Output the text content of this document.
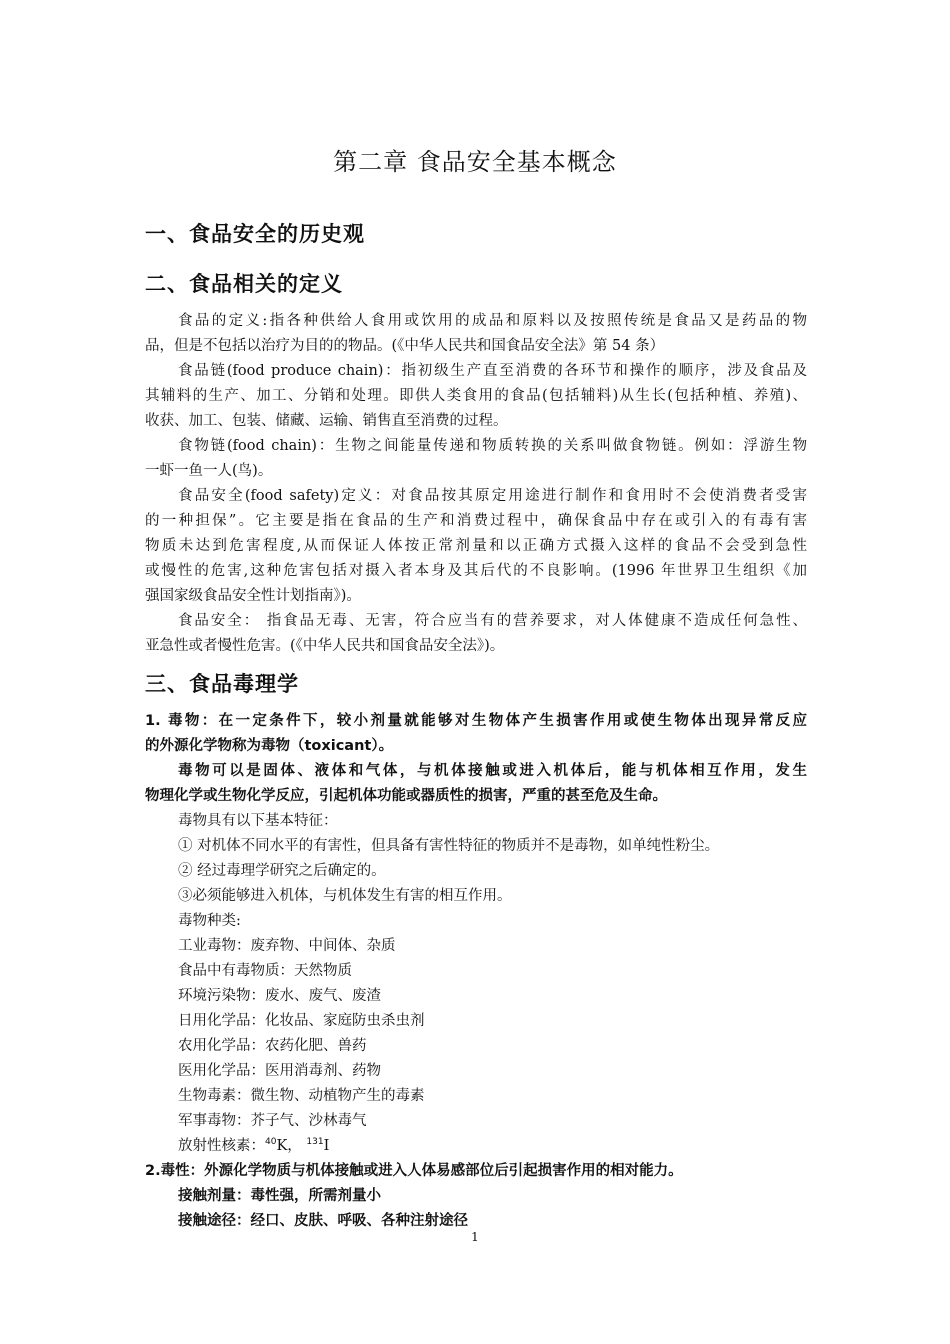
第二章 食品安全基本概念
一、食品安全的历史观
二、食品相关的定义
食品的定义:指各种供给人食用或饮用的成品和原料以及按照传统是食品又是药品的物
品，但是不包括以治疗为目的的物品。(《中华人民共和国食品安全法》第 54 条）
食品链(food produce chain)：指初级生产直至消费的各环节和操作的顺序，涉及食品及
其辅料的生产、加工、分销和处理。即供人类食用的食品(包括辅料)从生长(包括种植、养殖)、
收获、加工、包装、储藏、运输、销售直至消费的过程。
食物链(food chain)：生物之间能量传递和物质转换的关系叫做食物链。例如：浮游生物
一虾一鱼一人(鸟)。
食品安全(food safety)定义：对食品按其原定用途进行制作和食用时不会使消费者受害
的一种担保”。它主要是指在食品的生产和消费过程中，确保食品中存在或引入的有毒有害
物质未达到危害程度,从而保证人体按正常剂量和以正确方式摄入这样的食品不会受到急性
或慢性的危害,这种危害包括对摄入者本身及其后代的不良影响。(1996 年世界卫生组织《加
强国家级食品安全性计划指南》)。
食品安全： 指食品无毒、无害，符合应当有的营养要求，对人体健康不造成任何急性、
亚急性或者慢性危害。(《中华人民共和国食品安全法》)。
三、食品毒理学
1. 毒物：在一定条件下，较小剂量就能够对生物体产生损害作用或使生物体出现异常反应
的外源化学物称为毒物（toxicant）。
毒物可以是固体、液体和气体，与机体接触或进入机体后，能与机体相互作用，发生
物理化学或生物化学反应，引起机体功能或器质性的损害，严重的甚至危及生命。
毒物具有以下基本特征：
① 对机体不同水平的有害性，但具备有害性特征的物质并不是毒物，如单纯性粉尘。
② 经过毒理学研究之后确定的。
③必须能够进入机体，与机体发生有害的相互作用。
毒物种类:
工业毒物：废弃物、中间体、杂质
食品中有毒物质：天然物质
环境污染物：废水、废气、废渣
日用化学品：化妆品、家庭防虫杀虫剂
农用化学品：农药化肥、兽药
医用化学品：医用消毒剂、药物
生物毒素：微生物、动植物产生的毒素
军事毒物：芥子气、沙林毒气
放射性核素：$^{40}$K， $^{131}$I
2.毒性：外源化学物质与机体接触或进入人体易感部位后引起损害作用的相对能力。
接触剂量：毒性强，所需剂量小
接触途径：经口、皮肤、呼吸、各种注射途径
1
